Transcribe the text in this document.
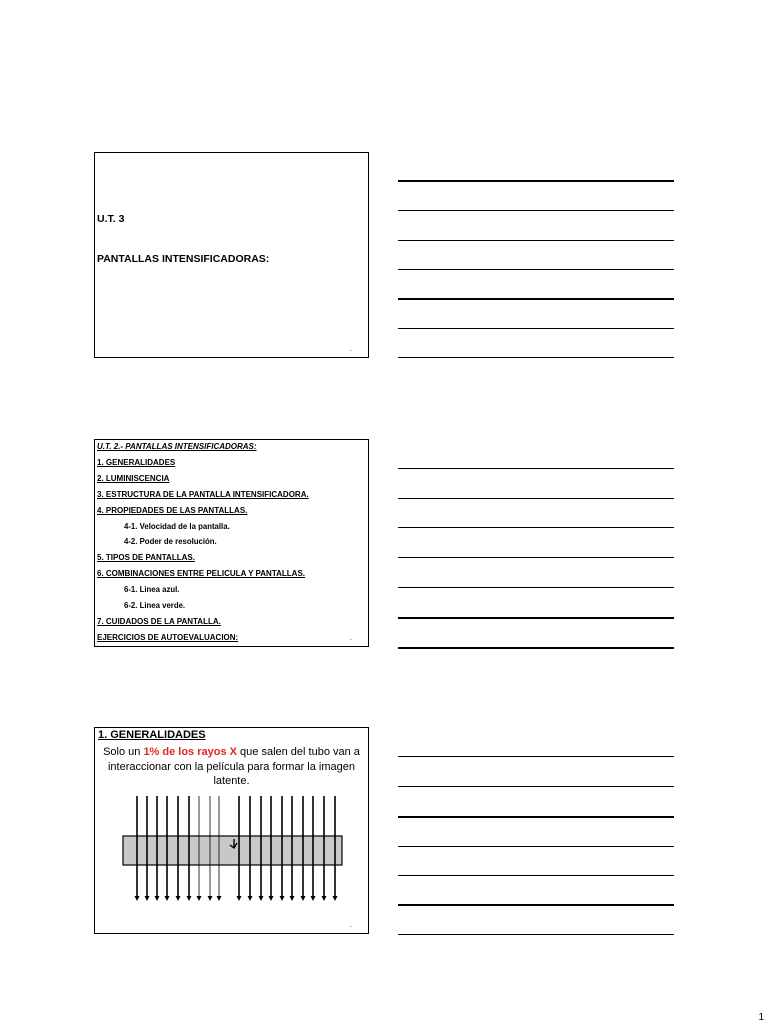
U.T. 3
PANTALLAS INTENSIFICADORAS:
U.T. 2.- PANTALLAS INTENSIFICADORAS:
1. GENERALIDADES
2. LUMINISCENCIA
3. ESTRUCTURA DE LA PANTALLA INTENSIFICADORA.
4. PROPIEDADES DE LAS PANTALLAS.
4-1. Velocidad de la pantalla.
4-2. Poder de resolución.
5. TIPOS DE PANTALLAS.
6. COMBINACIONES ENTRE PELICULA Y PANTALLAS.
6-1. Linea azul.
6-2. Linea verde.
7. CUIDADOS DE LA PANTALLA.
EJERCICIOS DE AUTOEVALUACION:
1. GENERALIDADES
Solo un 1% de los rayos X que salen del tubo van a interaccionar con la película para formar la imagen latente.
1
